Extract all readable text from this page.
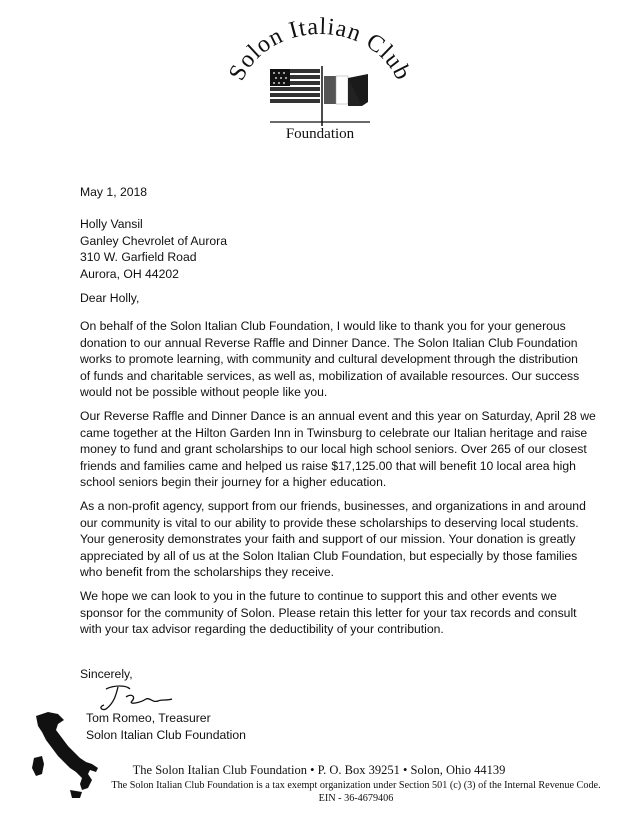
Solon Italian Club
Foundation
May 1, 2018
Holly Vansil
Ganley Chevrolet of Aurora
310 W. Garfield Road
Aurora, OH 44202
Dear Holly,

On behalf of the Solon Italian Club Foundation, I would like to thank you for your generous

donation to our annual Reverse Raffle and Dinner Dance. The Solon Italian Club Foundation

works to promote learning, with community and cultural development through the distribution

of funds and charitable services, as well as, mobilization of available resources. Our success

would not be possible without people like you.

Our Reverse Raffle and Dinner Dance is an annual event and this year on Saturday, April 28 we

came together at the Hilton Garden Inn in Twinsburg to celebrate our Italian heritage and raise

money to fund and grant scholarships to our local high school seniors. Over 265 of our closest

friends and families came and helped us raise $17,125.00 that will benefit 10 local area high

school seniors begin their journey for a higher education.

As a non-profit agency, support from our friends, businesses, and organizations in and around

our community is vital to our ability to provide these scholarships to deserving local students.

Your generosity demonstrates your faith and support of our mission. Your donation is greatly

appreciated by all of us at the Solon Italian Club Foundation, but especially by those families

who benefit from the scholarships they receive.

We hope we can look to you in the future to continue to support this and other events we

sponsor for the community of Solon. Please retain this letter for your tax records and consult

with your tax advisor regarding the deductibility of your contribution.

Sincerely,
Tom Romeo, Treasurer
Solon Italian Club Foundation
The Solon Italian Club Foundation • P. O. Box 39251 • Solon, Ohio 44139
The Solon Italian Club Foundation is a tax exempt organization under Section 501 (c) (3) of the Internal Revenue Code.
EIN - 36-4679406
